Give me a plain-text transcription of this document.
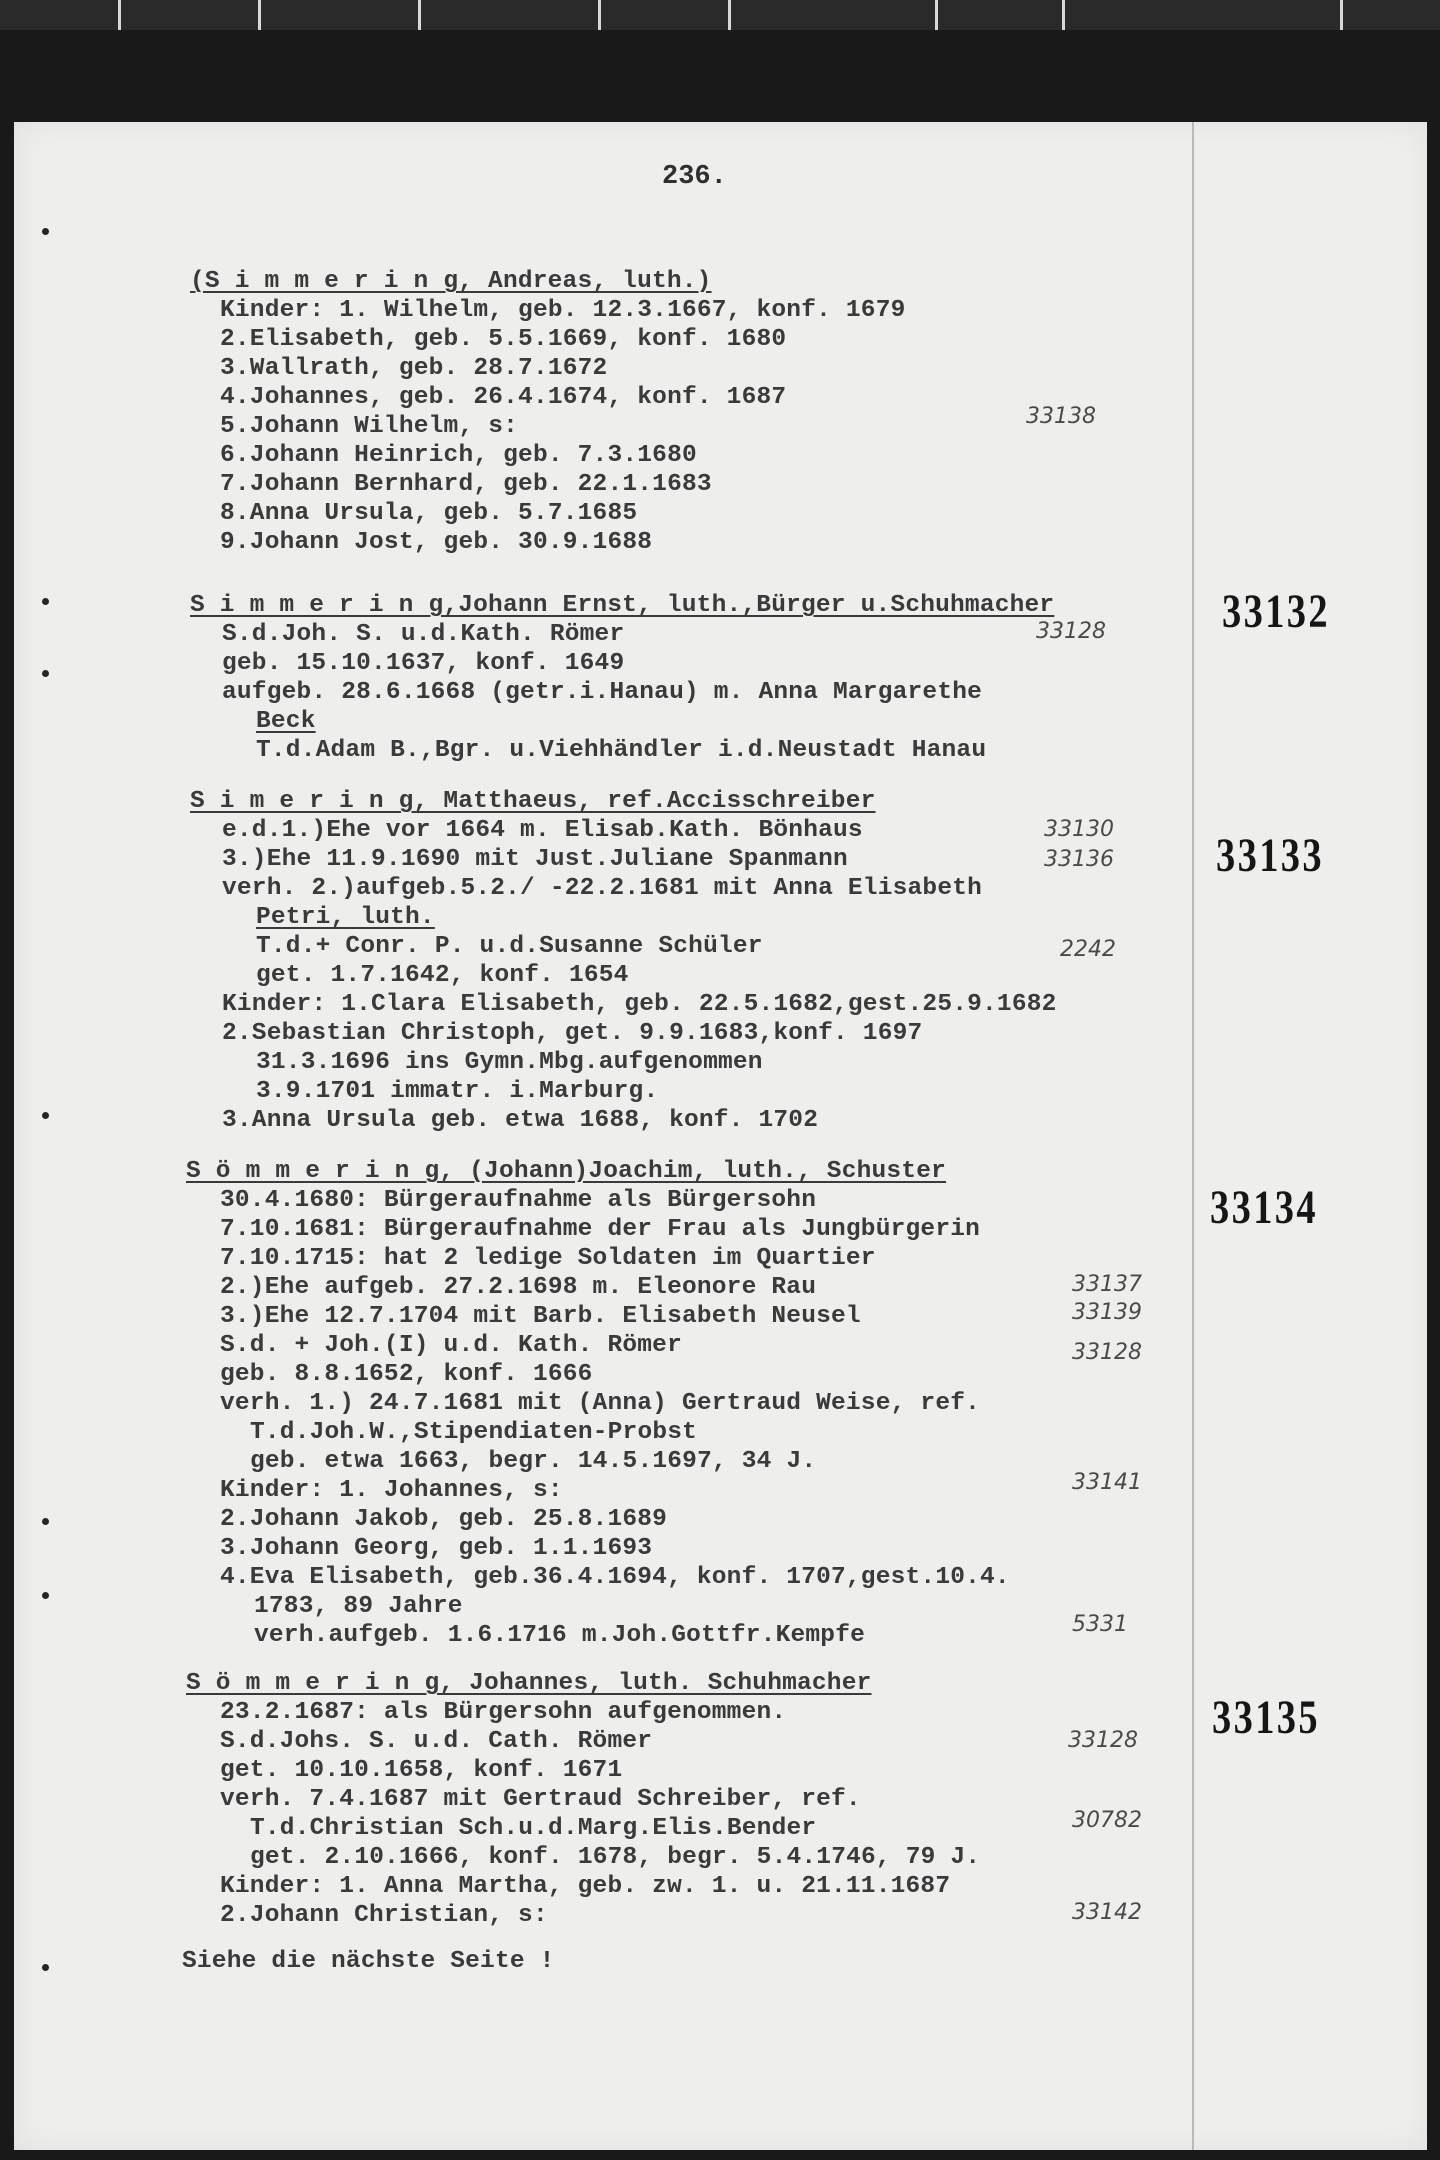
236.
(S i m m e r i n g, Andreas, luth.)
Kinder: 1. Wilhelm, geb. 12.3.1667, konf. 1679
2.Elisabeth, geb. 5.5.1669, konf. 1680
3.Wallrath, geb. 28.7.1672
4.Johannes, geb. 26.4.1674, konf. 1687
5.Johann Wilhelm, s:
6.Johann Heinrich, geb. 7.3.1680
7.Johann Bernhard, geb. 22.1.1683
8.Anna Ursula, geb. 5.7.1685
9.Johann Jost, geb. 30.9.1688
33138
S i m m e r i n g,Johann Ernst, luth.,Bürger u.Schuhmacher
S.d.Joh. S. u.d.Kath. Römer
geb. 15.10.1637, konf. 1649
aufgeb. 28.6.1668 (getr.i.Hanau) m. Anna Margarethe
Beck
T.d.Adam B.,Bgr. u.Viehhändler i.d.Neustadt Hanau
33128 33132
S i m e r i n g, Matthaeus, ref.Accisschreiber
e.d.1.)Ehe vor 1664 m. Elisab.Kath. Bönhaus
3.)Ehe 11.9.1690 mit Just.Juliane Spanmann
verh. 2.)aufgeb.5.2./ -22.2.1681 mit Anna Elisabeth
Petri, luth.
T.d.+ Conr. P. u.d.Susanne Schüler
get. 1.7.1642, konf. 1654
Kinder: 1.Clara Elisabeth, geb. 22.5.1682,gest.25.9.1682
2.Sebastian Christoph, get. 9.9.1683,konf. 1697
31.3.1696 ins Gymn.Mbg.aufgenommen
3.9.1701 immatr. i.Marburg.
3.Anna Ursula geb. etwa 1688, konf. 1702
33130
33136
2242
33133
S ö m m e r i n g, (Johann)Joachim, luth., Schuster
30.4.1680: Bürgeraufnahme als Bürgersohn
7.10.1681: Bürgeraufnahme der Frau als Jungbürgerin
7.10.1715: hat 2 ledige Soldaten im Quartier
2.)Ehe aufgeb. 27.2.1698 m. Eleonore Rau
3.)Ehe 12.7.1704 mit Barb. Elisabeth Neusel
S.d. + Joh.(I) u.d. Kath. Römer
geb. 8.8.1652, konf. 1666
verh. 1.) 24.7.1681 mit (Anna) Gertraud Weise, ref.
T.d.Joh.W.,Stipendiaten-Probst
geb. etwa 1663, begr. 14.5.1697, 34 J.
Kinder: 1. Johannes, s:
2.Johann Jakob, geb. 25.8.1689
3.Johann Georg, geb. 1.1.1693
4.Eva Elisabeth, geb.36.4.1694, konf. 1707,gest.10.4.
1783, 89 Jahre
verh.aufgeb. 1.6.1716 m.Joh.Gottfr.Kempfe
33137
33139
33128
33141
5331
33134
S ö m m e r i n g, Johannes, luth. Schuhmacher
23.2.1687: als Bürgersohn aufgenommen.
S.d.Johs. S. u.d. Cath. Römer
get. 10.10.1658, konf. 1671
verh. 7.4.1687 mit Gertraud Schreiber, ref.
T.d.Christian Sch.u.d.Marg.Elis.Bender
get. 2.10.1666, konf. 1678, begr. 5.4.1746, 79 J.
Kinder: 1. Anna Martha, geb. zw. 1. u. 21.11.1687
2.Johann Christian, s:
33128
30782
33142
33135
Siehe die nächste Seite !
